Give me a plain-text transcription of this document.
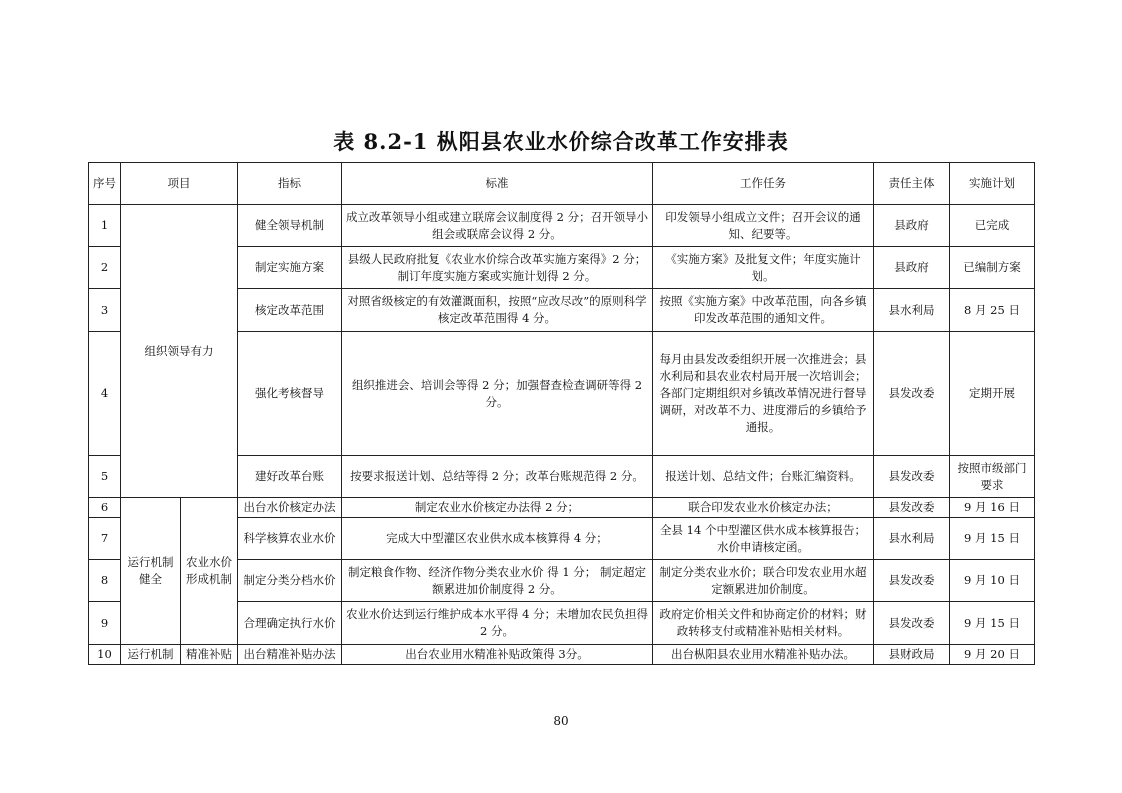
表 8.2-1 枞阳县农业水价综合改革工作安排表
序号	项目		指标	标准	工作任务	责任主体	实施计划
1	组织领导有力		健全领导机制	成立改革领导小组或建立联席会议制度得 2 分；召开领导小组会或联席会议得 2 分。	印发领导小组成立文件；召开会议的通知、纪要等。	县政府	已完成
2			制定实施方案	县级人民政府批复《农业水价综合改革实施方案得》2 分；制订年度实施方案或实施计划得 2 分。	《实施方案》及批复文件；年度实施计划。	县政府	已编制方案
3			核定改革范围	对照省级核定的有效灌溉面积，按照“应改尽改”的原则科学核定改革范围得 4 分。	按照《实施方案》中改革范围，向各乡镇印发改革范围的通知文件。	县水利局	8 月 25 日
4			强化考核督导	组织推进会、培训会等得 2 分；加强督查检查调研等得 2 分。	每月由县发改委组织开展一次推进会；县水利局和县农业农村局开展一次培训会；各部门定期组织对乡镇改革情况进行督导调研，对改革不力、进度滞后的乡镇给予通报。	县发改委	定期开展
5			建好改革台账	按要求报送计划、总结等得 2 分；改革台账规范得 2 分。	报送计划、总结文件；台账汇编资料。	县发改委	按照市级部门要求
6	运行机制健全	农业水价形成机制	出台水价核定办法	制定农业水价核定办法得 2 分；	联合印发农业水价核定办法；	县发改委	9 月 16 日
7			科学核算农业水价	完成大中型灌区农业供水成本核算得 4 分；	全县 14 个中型灌区供水成本核算报告；水价申请核定函。	县水利局	9 月 15 日
8			制定分类分档水价	制定粮食作物、经济作物分类农业水价 得 1 分； 制定超定额累进加价制度得 2 分。	制定分类农业水价；联合印发农业用水超定额累进加价制度。	县发改委	9 月 10 日
9			合理确定执行水价	农业水价达到运行维护成本水平得 4 分；未增加农民负担得 2 分。	政府定价相关文件和协商定价的材料；财政转移支付或精准补贴相关材料。	县发改委	9 月 15 日
10	运行机制	精准补贴	出台精准补贴办法	出台农业用水精准补贴政策得 3分。	出台枞阳县农业用水精准补贴办法。	县财政局	9 月 20 日
80
